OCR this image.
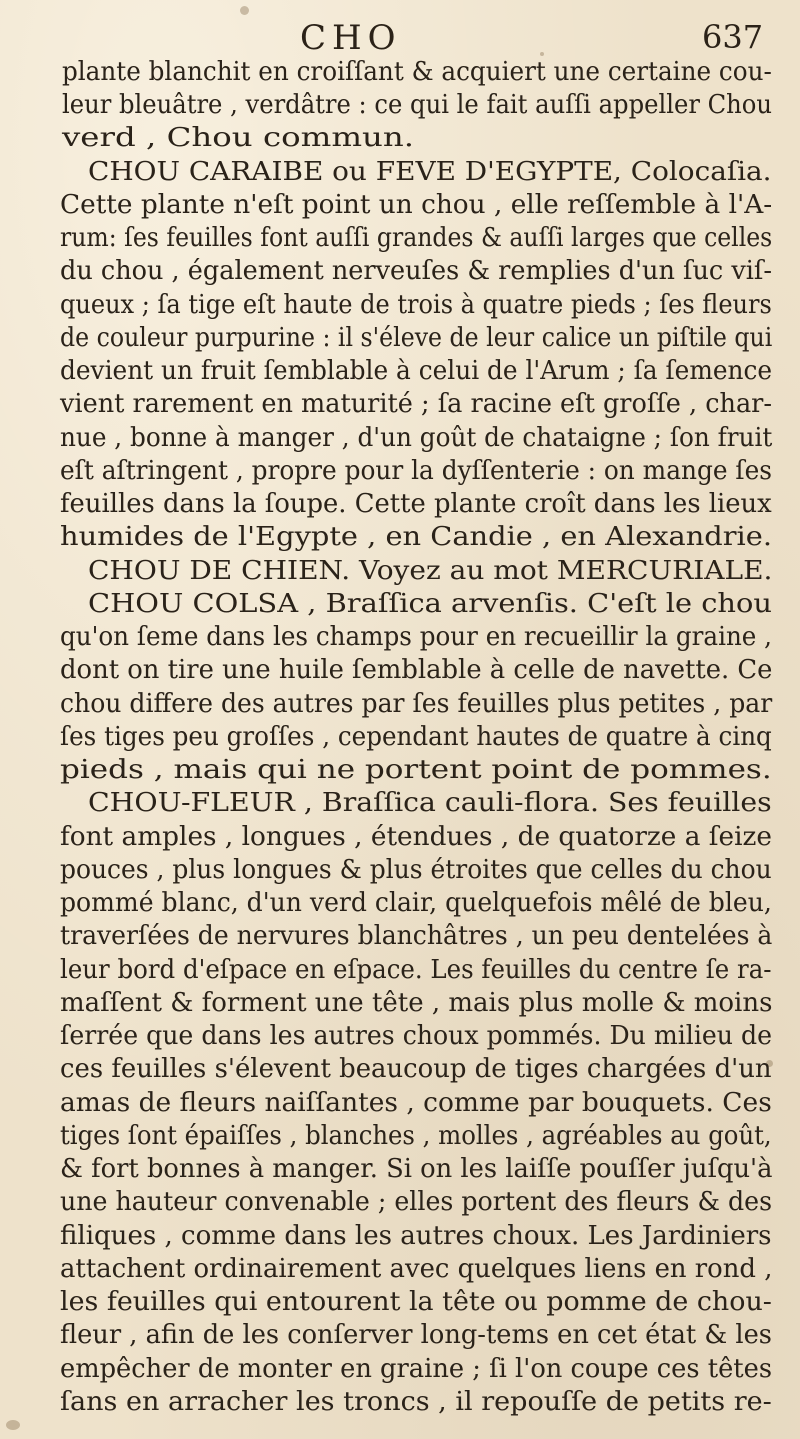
CHO	637
plante blanchit en croiſſant & acquiert une certaine cou-
leur bleuâtre , verdâtre : ce qui le fait auſſi appeller Chou
verd , Chou commun.
CHOU CARAIBE ou FEVE D'EGYPTE, Colocaſia.
Cette plante n'eſt point un chou , elle reſſemble à l'A-
rum: ſes feuilles font auſſi grandes & auſſi larges que celles
du chou , également nerveuſes & remplies d'un ſuc viſ-
queux ; ſa tige eſt haute de trois à quatre pieds ; ſes fleurs
de couleur purpurine : il s'éleve de leur calice un piſtile qui
devient un fruit ſemblable à celui de l'Arum ; ſa ſemence
vient rarement en maturité ; ſa racine eſt groſſe , char-
nue , bonne à manger , d'un goût de chataigne ; ſon fruit
eſt aſtringent , propre pour la dyſſenterie : on mange ſes
feuilles dans la ſoupe. Cette plante croît dans les lieux
humides de l'Egypte , en Candie , en Alexandrie.
CHOU DE CHIEN. Voyez au mot MERCURIALE.
CHOU COLSA , Braſſica arvenſis. C'eſt le chou
qu'on ſeme dans les champs pour en recueillir la graine ,
dont on tire une huile ſemblable à celle de navette. Ce
chou differe des autres par ſes feuilles plus petites , par
ſes tiges peu groſſes , cependant hautes de quatre à cinq
pieds , mais qui ne portent point de pommes.
CHOU-FLEUR , Braſſica cauli-flora. Ses feuilles
font amples , longues , étendues , de quatorze a ſeize
pouces , plus longues & plus étroites que celles du chou
pommé blanc, d'un verd clair, quelquefois mêlé de bleu,
traverſées de nervures blanchâtres , un peu dentelées à
leur bord d'eſpace en eſpace. Les feuilles du centre ſe ra-
maſſent & forment une tête , mais plus molle & moins
ſerrée que dans les autres choux pommés. Du milieu de
ces feuilles s'élevent beaucoup de tiges chargées d'un
amas de fleurs naiſſantes , comme par bouquets. Ces
tiges ſont épaiſſes , blanches , molles , agréables au goût,
& fort bonnes à manger. Si on les laiſſe pouſſer juſqu'à
une hauteur convenable ; elles portent des fleurs & des
filiques , comme dans les autres choux. Les Jardiniers
attachent ordinairement avec quelques liens en rond ,
les feuilles qui entourent la tête ou pomme de chou-
fleur , afin de les conſerver long-tems en cet état & les
empêcher de monter en graine ; ſi l'on coupe ces têtes
ſans en arracher les troncs , il repouſſe de petits re-
